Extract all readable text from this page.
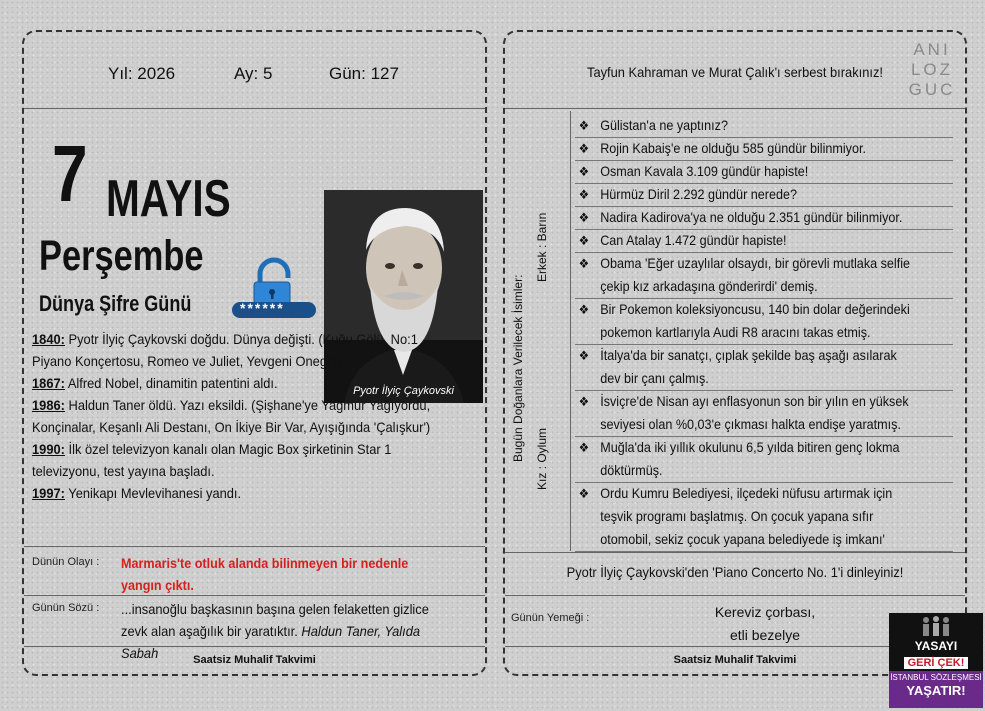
Yıl: 2026	Ay: 5	Gün: 127
7 MAYIS
Perşembe
Dünya Şifre Günü	******
Pyotr İlyiç Çaykovski
1840: Pyotr İlyiç Çaykovski doğdu. Dünya değişti. (Kuğu Gölü, No:1 Piyano Konçertosu, Romeo ve Juliet, Yevgeni Onegin)
1867: Alfred Nobel, dinamitin patentini aldı.
1986: Haldun Taner öldü. Yazı eksildi. (Şişhane'ye Yağmur Yağıyordu, Konçinalar, Keşanlı Ali Destanı, On İkiye Bir Var, Ayışığında 'Çalışkur')
1990: İlk özel televizyon kanalı olan Magic Box şirketinin Star 1 televizyonu, test yayına başladı.
1997: Yenikapı Mevlevihanesi yandı.
Dünün Olayı : Marmaris'te otluk alanda bilinmeyen bir nedenle yangın çıktı.
Günün Sözü : ...insanoğlu başkasının başına gelen felaketten gizlice zevk alan aşağılık bir yaratıktır. Haldun Taner, Yalıda Sabah	Saatsiz Muhalif Takvimi
Tayfun Kahraman ve Murat Çalık'ı serbest bırakınız!
ANI
LOZ
GUC
Bugün Doğanlara Verilecek İsimler:
Erkek : Barın
Kız : Oylum
❖ Gülistan'a ne yaptınız?
❖ Rojin Kabaiş'e ne olduğu 585 gündür bilinmiyor.
❖ Osman Kavala 3.109 gündür hapiste!
❖ Hürmüz Diril 2.292 gündür nerede?
❖ Nadira Kadirova'ya ne olduğu 2.351 gündür bilinmiyor.
❖ Can Atalay 1.472 gündür hapiste!
❖ Obama 'Eğer uzaylılar olsaydı, bir görevli mutlaka selfie çekip kız arkadaşına gönderirdi' demiş.
❖ Bir Pokemon koleksiyoncusu, 140 bin dolar değerindeki pokemon kartlarıyla Audi R8 aracını takas etmiş.
❖ İtalya'da bir sanatçı, çıplak şekilde baş aşağı asılarak dev bir çanı çalmış.
❖ İsviçre'de Nisan ayı enflasyonun son bir yılın en yüksek seviyesi olan %0,03'e çıkması halkta endişe yaratmış.
❖ Muğla'da iki yıllık okulunu 6,5 yılda bitiren genç lokma döktürmüş.
❖ Ordu Kumru Belediyesi, ilçedeki nüfusu artırmak için teşvik programı başlatmış. On çocuk yapana sıfır otomobil, sekiz çocuk yapana belediyede iş imkanı'
Pyotr İlyiç Çaykovski'den 'Piano Concerto No. 1'i dinleyiniz!
Günün Yemeği :	Kereviz çorbası,
etli bezelye
Saatsiz Muhalif Takvimi
YASAYI
GERİ ÇEK!
İSTANBUL SÖZLEŞMESİ
YAŞATIR!
